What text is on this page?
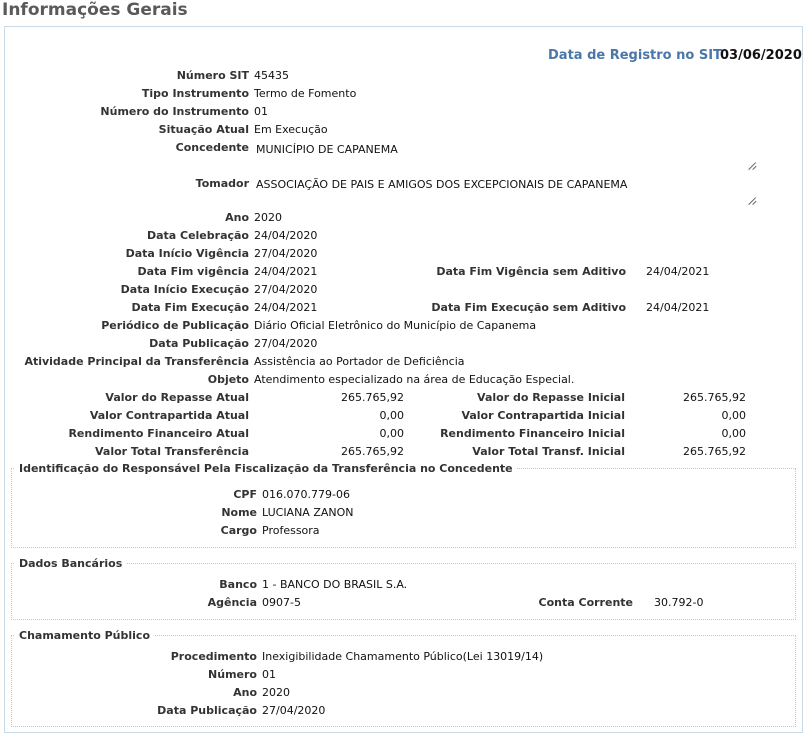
Informações Gerais
Data de Registro no SIT
03/06/2020
Número SIT 45435
Tipo Instrumento Termo de Fomento
Número do Instrumento 01
Situação Atual Em Execução
Concedente MUNICÍPIO DE CAPANEMA
Tomador ASSOCIAÇÃO DE PAIS E AMIGOS DOS EXCEPCIONAIS DE CAPANEMA
Ano 2020
Data Celebração 24/04/2020
Data Início Vigência 27/04/2020
Data Fim vigência 24/04/2021	Data Fim Vigência sem Aditivo 24/04/2021
Data Início Execução 27/04/2020
Data Fim Execução 24/04/2021	Data Fim Execução sem Aditivo 24/04/2021
Periódico de Publicação Diário Oficial Eletrônico do Município de Capanema
Data Publicação 27/04/2020
Atividade Principal da Transferência Assistência ao Portador de Deficiência
Objeto Atendimento especializado na área de Educação Especial.
Valor do Repasse Atual	265.765,92	Valor do Repasse Inicial	265.765,92
Valor Contrapartida Atual	0,00	Valor Contrapartida Inicial	0,00
Rendimento Financeiro Atual	0,00	Rendimento Financeiro Inicial	0,00
Valor Total Transferência	265.765,92	Valor Total Transf. Inicial	265.765,92
Identificação do Responsável Pela Fiscalização da Transferência no Concedente
CPF 016.070.779-06
Nome LUCIANA ZANON
Cargo Professora
Dados Bancários
Banco 1 - BANCO DO BRASIL S.A.
Agência 0907-5	Conta Corrente 30.792-0
Chamamento Público
Procedimento Inexigibilidade Chamamento Público(Lei 13019/14)
Número 01
Ano 2020
Data Publicação 27/04/2020
